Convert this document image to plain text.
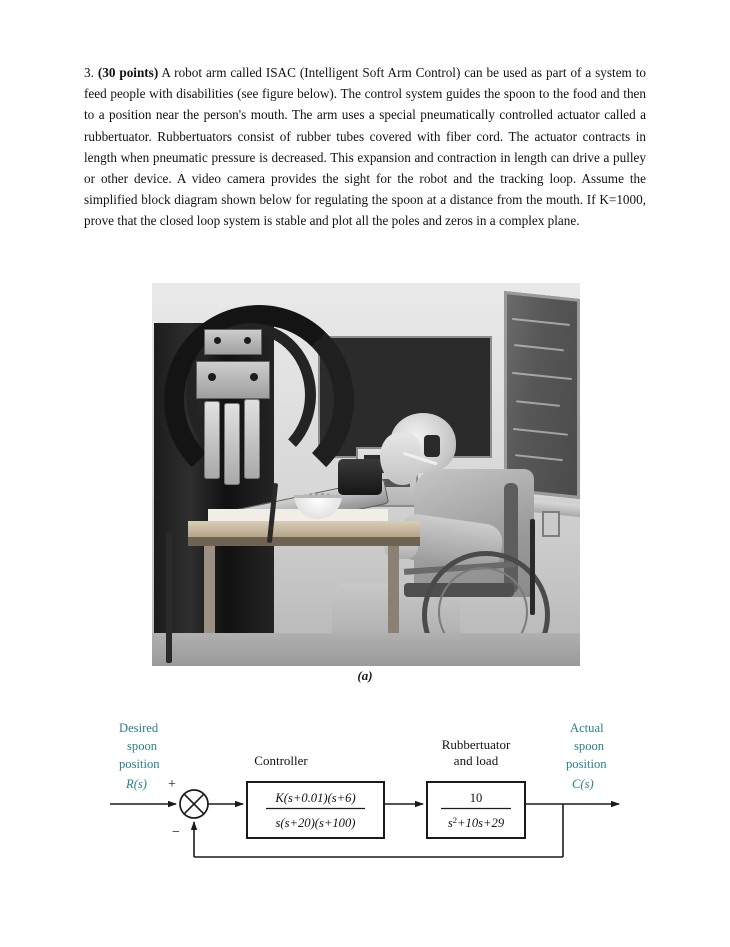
3. (30 points) A robot arm called ISAC (Intelligent Soft Arm Control) can be used as part of a system to feed people with disabilities (see figure below). The control system guides the spoon to the food and then to a position near the person's mouth. The arm uses a special pneumatically controlled actuator called a rubbertuator. Rubbertuators consist of rubber tubes covered with fiber cord. The actuator contracts in length when pneumatic pressure is decreased. This expansion and contraction in length can drive a pulley or other device. A video camera provides the sight for the robot and the tracking loop. Assume the simplified block diagram shown below for regulating the spoon at a distance from the mouth. If K=1000, prove that the closed loop system is stable and plot all the poles and zeros in a complex plane.
(a)
Desired
spoon
position
Actual
spoon
position
R(s)	C(s)
+
−
Controller
K(s+0.01)(s+6)
s(s+20)(s+100)
Rubbertuator
and load
10
$s^2+10s+29$
